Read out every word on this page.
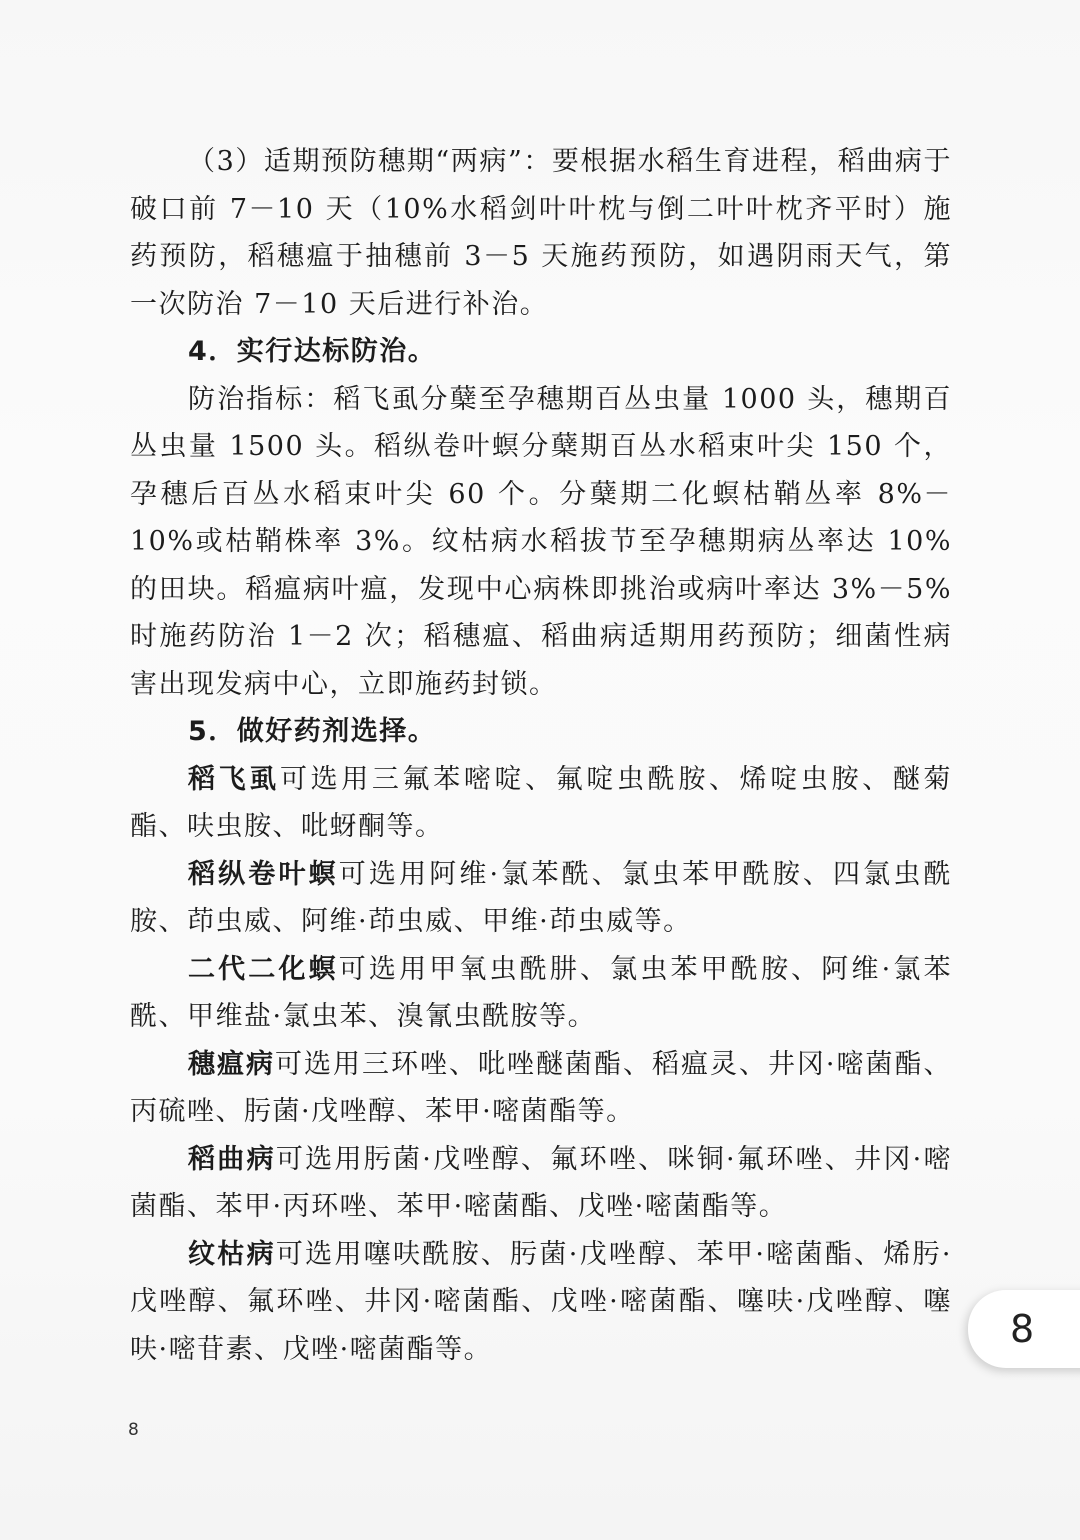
（3）适期预防穗期“两病”：要根据水稻生育进程，稻曲病于破口前 7－10 天（10%水稻剑叶叶枕与倒二叶叶枕齐平时）施药预防，稻穗瘟于抽穗前 3－5 天施药预防，如遇阴雨天气，第一次防治 7－10 天后进行补治。

4．实行达标防治。

防治指标：稻飞虱分蘖至孕穗期百丛虫量 1000 头，穗期百丛虫量 1500 头。稻纵卷叶螟分蘖期百丛水稻束叶尖 150 个，孕穗后百丛水稻束叶尖 60 个。分蘖期二化螟枯鞘丛率 8%－10%或枯鞘株率 3%。纹枯病水稻拔节至孕穗期病丛率达 10%的田块。稻瘟病叶瘟，发现中心病株即挑治或病叶率达 3%－5%时施药防治 1－2 次；稻穗瘟、稻曲病适期用药预防；细菌性病害出现发病中心，立即施药封锁。

5．做好药剂选择。

稻飞虱可选用三氟苯嘧啶、氟啶虫酰胺、烯啶虫胺、醚菊酯、呋虫胺、吡蚜酮等。

稻纵卷叶螟可选用阿维·氯苯酰、氯虫苯甲酰胺、四氯虫酰胺、茚虫威、阿维·茚虫威、甲维·茚虫威等。

二代二化螟可选用甲氧虫酰肼、氯虫苯甲酰胺、阿维·氯苯酰、甲维盐·氯虫苯、溴氰虫酰胺等。

穗瘟病可选用三环唑、吡唑醚菌酯、稻瘟灵、井冈·嘧菌酯、丙硫唑、肟菌·戊唑醇、苯甲·嘧菌酯等。

稻曲病可选用肟菌·戊唑醇、氟环唑、咪铜·氟环唑、井冈·嘧菌酯、苯甲·丙环唑、苯甲·嘧菌酯、戊唑·嘧菌酯等。

纹枯病可选用噻呋酰胺、肟菌·戊唑醇、苯甲·嘧菌酯、烯肟·戊唑醇、氟环唑、井冈·嘧菌酯、戊唑·嘧菌酯、噻呋·戊唑醇、噻呋·嘧苷素、戊唑·嘧菌酯等。	8
8
